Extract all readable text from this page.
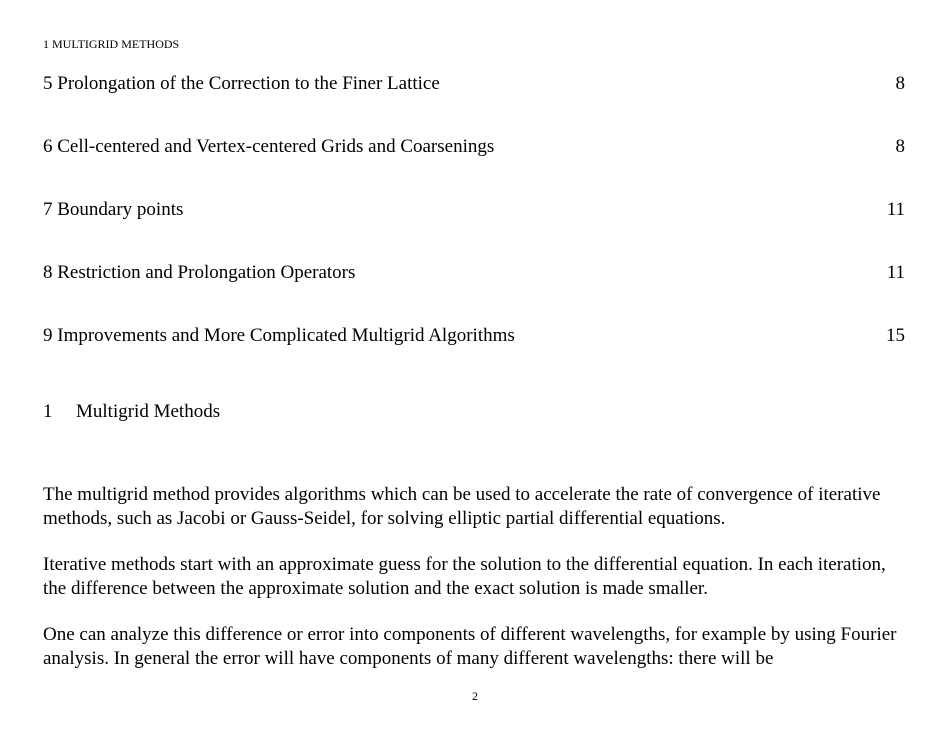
1 MULTIGRID METHODS
5 Prolongation of the Correction to the Finer Lattice	8
6 Cell-centered and Vertex-centered Grids and Coarsenings	8
7 Boundary points	11
8 Restriction and Prolongation Operators	11
9 Improvements and More Complicated Multigrid Algorithms	15
1 Multigrid Methods

The multigrid method provides algorithms which can be used to accelerate the rate of convergence of iterative methods, such as Jacobi or Gauss-Seidel, for solving elliptic partial differential equations.

Iterative methods start with an approximate guess for the solution to the differential equation. In each iteration, the difference between the approximate solution and the exact solution is made smaller.

One can analyze this difference or error into components of different wavelengths, for example by using Fourier analysis. In general the error will have components of many different wavelengths: there will be

2
